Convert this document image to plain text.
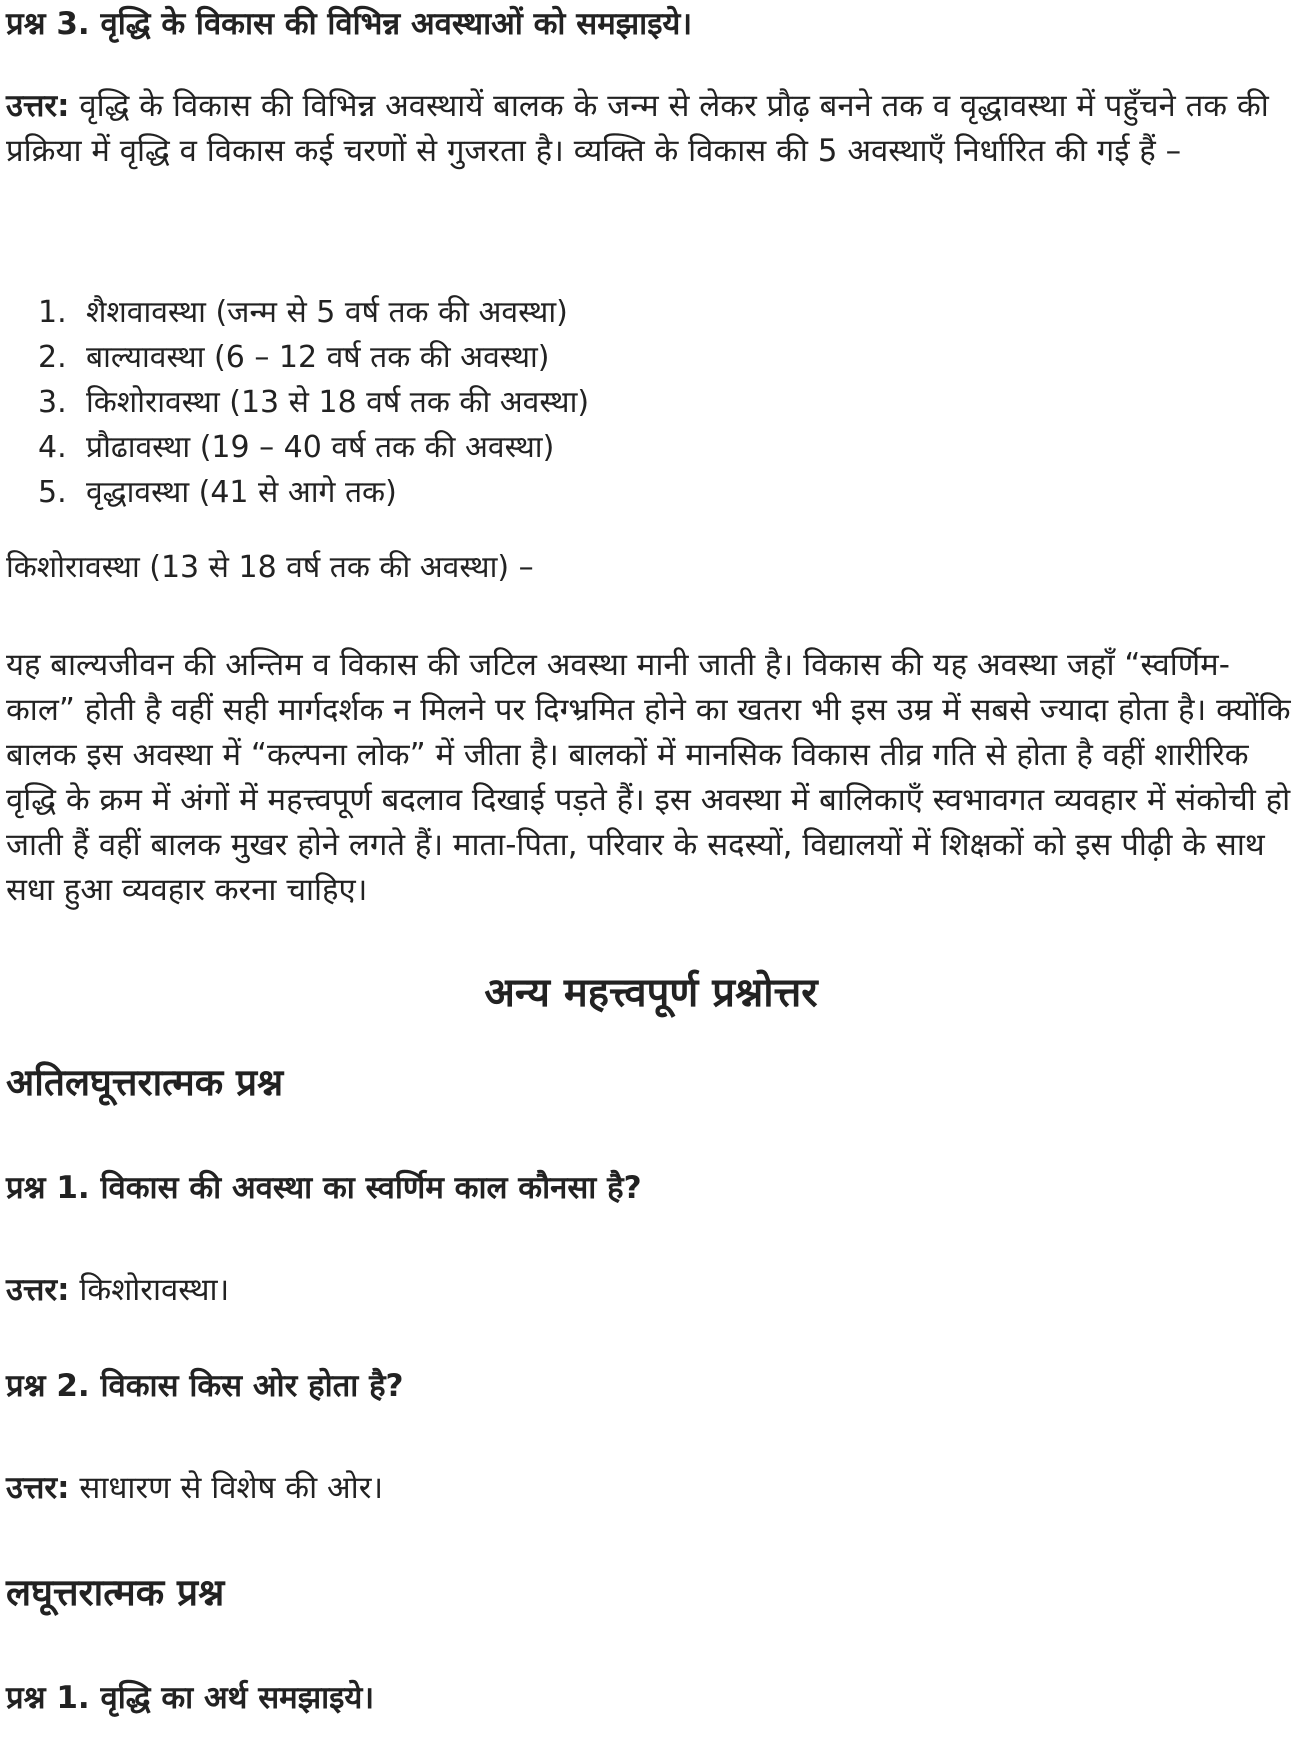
प्रश्न 3. वृद्धि के विकास की विभिन्न अवस्थाओं को समझाइये।

उत्तर: वृद्धि के विकास की विभिन्न अवस्थायें बालक के जन्म से लेकर प्रौढ़ बनने तक व वृद्धावस्था में पहुँचने तक की प्रक्रिया में वृद्धि व विकास कई चरणों से गुजरता है। व्यक्ति के विकास की 5 अवस्थाएँ निर्धारित की गई हैं –

1. शैशवावस्था (जन्म से 5 वर्ष तक की अवस्था)
2. बाल्यावस्था (6 – 12 वर्ष तक की अवस्था)
3. किशोरावस्था (13 से 18 वर्ष तक की अवस्था)
4. प्रौढावस्था (19 – 40 वर्ष तक की अवस्था)
5. वृद्धावस्था (41 से आगे तक)
किशोरावस्था (13 से 18 वर्ष तक की अवस्था) –

यह बाल्यजीवन की अन्तिम व विकास की जटिल अवस्था मानी जाती है। विकास की यह अवस्था जहाँ “स्वर्णिम-काल” होती है वहीं सही मार्गदर्शक न मिलने पर दिग्भ्रमित होने का खतरा भी इस उम्र में सबसे ज्यादा होता है। क्योंकि बालक इस अवस्था में “कल्पना लोक” में जीता है। बालकों में मानसिक विकास तीव्र गति से होता है वहीं शारीरिक वृद्धि के क्रम में अंगों में महत्त्वपूर्ण बदलाव दिखाई पड़ते हैं। इस अवस्था में बालिकाएँ स्वभावगत व्यवहार में संकोची हो जाती हैं वहीं बालक मुखर होने लगते हैं। माता-पिता, परिवार के सदस्यों, विद्यालयों में शिक्षकों को इस पीढ़ी के साथ सधा हुआ व्यवहार करना चाहिए।

अन्य महत्त्वपूर्ण प्रश्नोत्तर
अतिलघूत्तरात्मक प्रश्न
प्रश्न 1. विकास की अवस्था का स्वर्णिम काल कौनसा है?
उत्तर: किशोरावस्था।
प्रश्न 2. विकास किस ओर होता है?
उत्तर: साधारण से विशेष की ओर।
लघूत्तरात्मक प्रश्न
प्रश्न 1. वृद्धि का अर्थ समझाइये।
